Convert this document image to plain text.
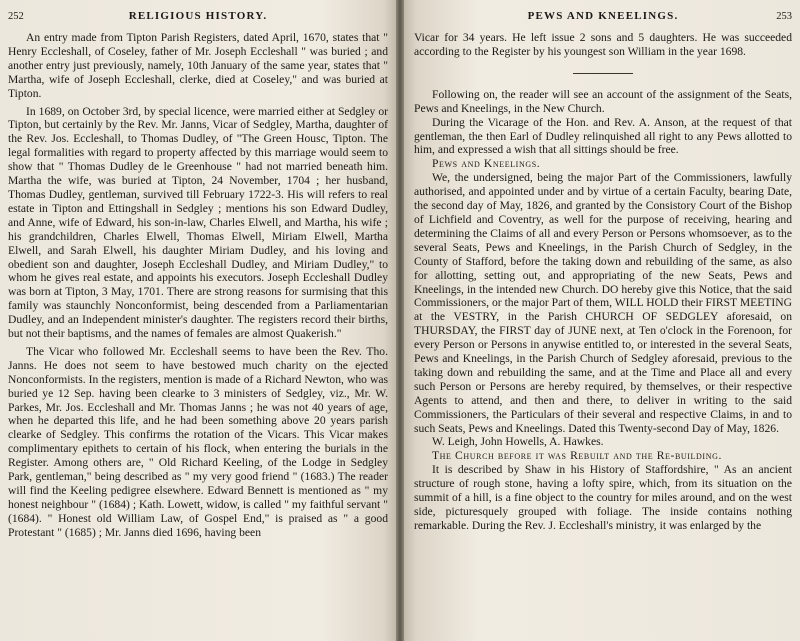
252	RELIGIOUS HISTORY.

An entry made from Tipton Parish Registers, dated April, 1670, states that " Henry Eccleshall, of Coseley, father of Mr. Joseph Eccleshall " was buried ; and another entry just previously, namely, 10th January of the same year, states that " Martha, wife of Joseph Eccleshall, clerke, died at Coseley," and was buried at Tipton.

In 1689, on October 3rd, by special licence, were married either at Sedgley or Tipton, but certainly by the Rev. Mr. Janns, Vicar of Sedgley, Martha, daughter of the Rev. Jos. Eccleshall, to Thomas Dudley, of "The Green Housc, Tipton. The legal formalities with regard to property affected by this marriage would seem to show that " Thomas Dudley de le Greenhouse " had not married beneath him. Martha the wife, was buried at Tipton, 24 November, 1704 ; her husband, Thomas Dudley, gentleman, survived till February 1722-3. His will refers to real estate in Tipton and Ettingshall in Sedgley ; mentions his son Edward Dudley, and Anne, wife of Edward, his son-in-law, Charles Elwell, and Martha, his wife ; his grandchildren, Charles Elwell, Thomas Elwell, Miriam Elwell, Martha Elwell, and Sarah Elwell, his daughter Miriam Dudley, and his loving and obedient son and daughter, Joseph Eccleshall Dudley, and Miriam Dudley," to whom he gives real estate, and appoints his executors. Joseph Eccleshall Dudley was born at Tipton, 3 May, 1701. There are strong reasons for surmising that this family was staunchly Nonconformist, being descended from a Parliamentarian Dudley, and an Independent minister's daughter. The registers record their births, but not their baptisms, and the names of females are almost Quakerish."

The Vicar who followed Mr. Eccleshall seems to have been the Rev. Tho. Janns. He does not seem to have bestowed much charity on the ejected Nonconformists. In the registers, mention is made of a Richard Newton, who was buried ye 12 Sep. having been clearke to 3 ministers of Sedgley, viz., Mr. W. Parkes, Mr. Jos. Eccleshall and Mr. Thomas Janns ; he was not 40 years of age, when he departed this life, and he had been something above 20 years parish clearke of Sedgley. This confirms the rotation of the Vicars. This Vicar makes complimentary epithets to certain of his flock, when entering the burials in the Register. Among others are, " Old Richard Keeling, of the Lodge in Sedgley Park, gentleman," being described as " my very good friend " (1683.) The reader will find the Keeling pedigree elsewhere. Edward Bennett is mentioned as " my honest neighbour " (1684) ; Kath. Lowett, widow, is called " my faithful servant " (1684). " Honest old William Law, of Gospel End," is praised as " a good Protestant " (1685) ; Mr. Janns died 1696, having been

PEWS AND KNEELINGS.	253

Vicar for 34 years. He left issue 2 sons and 5 daughters. He was succeeded according to the Register by his youngest son William in the year 1698.

Following on, the reader will see an account of the assignment of the Seats, Pews and Kneelings, in the New Church.

During the Vicarage of the Hon. and Rev. A. Anson, at the request of that gentleman, the then Earl of Dudley relinquished all right to any Pews allotted to him, and expressed a wish that all sittings should be free.

Pews and Kneelings.

We, the undersigned, being the major Part of the Commissioners, lawfully authorised, and appointed under and by virtue of a certain Faculty, bearing Date, the second day of May, 1826, and granted by the Consistory Court of the Bishop of Lichfield and Coventry, as well for the purpose of receiving, hearing and determining the Claims of all and every Person or Persons whomsoever, as to the several Seats, Pews and Kneelings, in the Parish Church of Sedgley, in the County of Stafford, before the taking down and rebuilding of the same, as also for allotting, setting out, and appropriating of the new Seats, Pews and Kneelings, in the intended new Church. DO hereby give this Notice, that the said Commissioners, or the major Part of them, WILL HOLD their FIRST MEETING at the VESTRY, in the Parish CHURCH OF SEDGLEY aforesaid, on THURSDAY, the FIRST day of JUNE next, at Ten o'clock in the Forenoon, for every Person or Persons in anywise entitled to, or interested in the several Seats, Pews and Kneelings, in the Parish Church of Sedgley aforesaid, previous to the taking down and rebuilding the same, and at the Time and Place all and every such Person or Persons are hereby required, by themselves, or their respective Agents to attend, and then and there, to deliver in writing to the said Commissioners, the Particulars of their several and respective Claims, in and to such Seats, Pews and Kneelings. Dated this Twenty-second Day of May, 1826.

W. Leigh, John Howells, A. Hawkes.

The Church before it was Rebuilt and the Re-building.

It is described by Shaw in his History of Staffordshire, " As an ancient structure of rough stone, having a lofty spire, which, from its situation on the summit of a hill, is a fine object to the country for miles around, and on the west side, picturesquely grouped with foliage. The inside contains nothing remarkable. During the Rev. J. Eccleshall's ministry, it was enlarged by the
